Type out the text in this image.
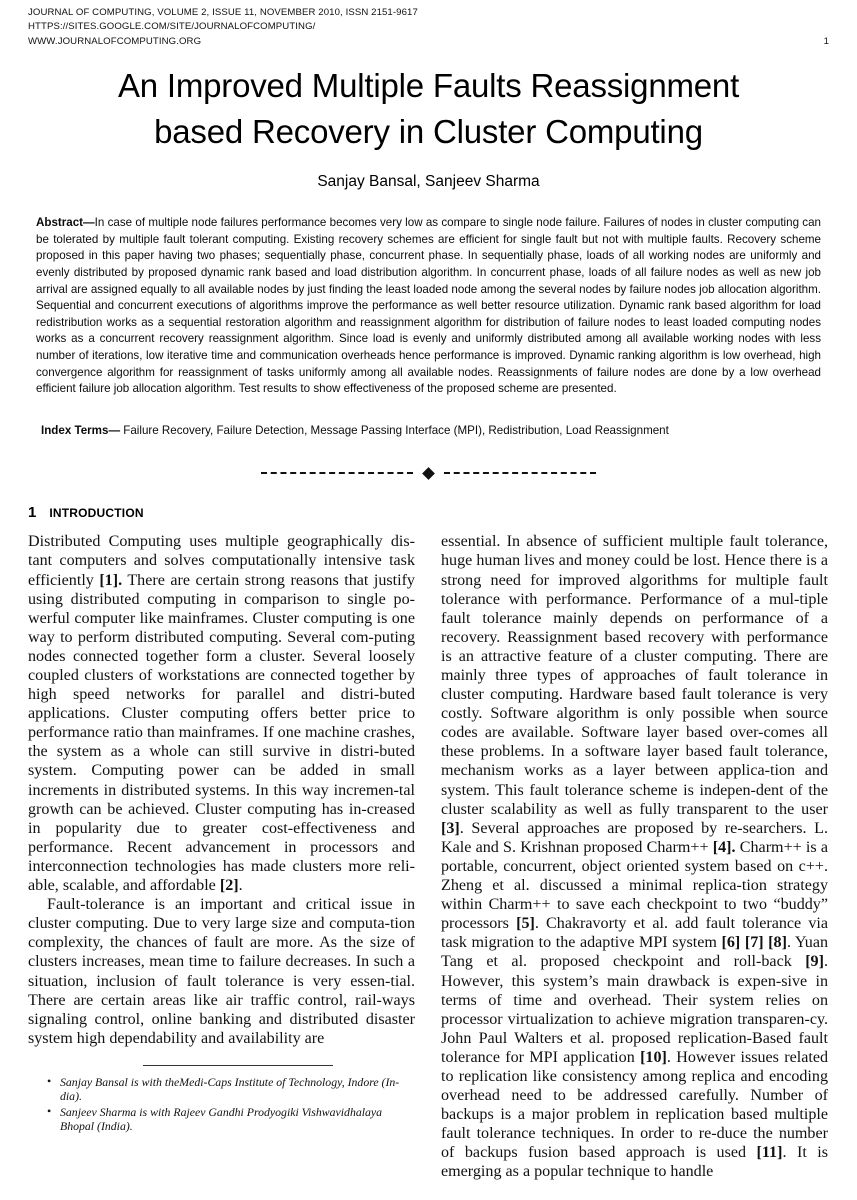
JOURNAL OF COMPUTING, VOLUME 2, ISSUE 11, NOVEMBER 2010, ISSN 2151-9617
HTTPS://SITES.GOOGLE.COM/SITE/JOURNALOFCOMPUTING/
WWW.JOURNALOFCOMPUTING.ORG	1
An Improved Multiple Faults Reassignment
based Recovery in Cluster Computing
Sanjay Bansal, Sanjeev Sharma
Abstract—In case of multiple node failures performance becomes very low as compare to single node failure. Failures of nodes in cluster computing can be tolerated by multiple fault tolerant computing. Existing recovery schemes are efficient for single fault but not with multiple faults. Recovery scheme proposed in this paper having two phases; sequentially phase, concurrent phase. In sequentially phase, loads of all working nodes are uniformly and evenly distributed by proposed dynamic rank based and load distribution algorithm. In concurrent phase, loads of all failure nodes as well as new job arrival are assigned equally to all available nodes by just finding the least loaded node among the several nodes by failure nodes job allocation algorithm. Sequential and concurrent executions of algorithms improve the performance as well better resource utilization. Dynamic rank based algorithm for load redistribution works as a sequential restoration algorithm and reassignment algorithm for distribution of failure nodes to least loaded computing nodes works as a concurrent recovery reassignment algorithm. Since load is evenly and uniformly distributed among all available working nodes with less number of iterations, low iterative time and communication overheads hence performance is improved. Dynamic ranking algorithm is low overhead, high convergence algorithm for reassignment of tasks uniformly among all available nodes. Reassignments of failure nodes are done by a low overhead efficient failure job allocation algorithm. Test results to show effectiveness of the proposed scheme are presented.
Index Terms— Failure Recovery, Failure Detection, Message Passing Interface (MPI), Redistribution, Load Reassignment
1 introduction

Distributed Computing uses multiple geographically dis-tant computers and solves computationally intensive task efficiently [1]. There are certain strong reasons that justify using distributed computing in comparison to single po-werful computer like mainframes. Cluster computing is one way to perform distributed computing. Several com-puting nodes connected together form a cluster. Several loosely coupled clusters of workstations are connected together by high speed networks for parallel and distri-buted applications. Cluster computing offers better price to performance ratio than mainframes. If one machine crashes, the system as a whole can still survive in distri-buted system. Computing power can be added in small increments in distributed systems. In this way incremen-tal growth can be achieved. Cluster computing has in-creased in popularity due to greater cost-effectiveness and performance. Recent advancement in processors and interconnection technologies has made clusters more reli-able, scalable, and affordable [2].

Fault-tolerance is an important and critical issue in cluster computing. Due to very large size and computa-tion complexity, the chances of fault are more. As the size of clusters increases, mean time to failure decreases. In such a situation, inclusion of fault tolerance is very essen-tial. There are certain areas like air traffic control, rail-ways signaling control, online banking and distributed disaster system high dependability and availability are

• Sanjay Bansal is with theMedi-Caps Institute of Technology, Indore (In-dia).
• Sanjeev Sharma is with Rajeev Gandhi Prodyogiki Vishwavidhalaya Bhopal (India).

essential. In absence of sufficient multiple fault tolerance, huge human lives and money could be lost. Hence there is a strong need for improved algorithms for multiple fault tolerance with performance. Performance of a mul-tiple fault tolerance mainly depends on performance of a recovery. Reassignment based recovery with performance is an attractive feature of a cluster computing. There are mainly three types of approaches of fault tolerance in cluster computing. Hardware based fault tolerance is very costly. Software algorithm is only possible when source codes are available. Software layer based over-comes all these problems. In a software layer based fault tolerance, mechanism works as a layer between applica-tion and system. This fault tolerance scheme is indepen-dent of the cluster scalability as well as fully transparent to the user [3]. Several approaches are proposed by re-searchers. L. Kale and S. Krishnan proposed Charm++ [4]. Charm++ is a portable, concurrent, object oriented system based on c++. Zheng et al. discussed a minimal replica-tion strategy within Charm++ to save each checkpoint to two “buddy” processors [5]. Chakravorty et al. add fault tolerance via task migration to the adaptive MPI system [6] [7] [8]. Yuan Tang et al. proposed checkpoint and roll-back [9]. However, this system’s main drawback is expen-sive in terms of time and overhead. Their system relies on processor virtualization to achieve migration transparen-cy. John Paul Walters et al. proposed replication-Based fault tolerance for MPI application [10]. However issues related to replication like consistency among replica and encoding overhead need to be addressed carefully. Number of backups is a major problem in replication based multiple fault tolerance techniques. In order to re-duce the number of backups fusion based approach is used [11]. It is emerging as a popular technique to handle
